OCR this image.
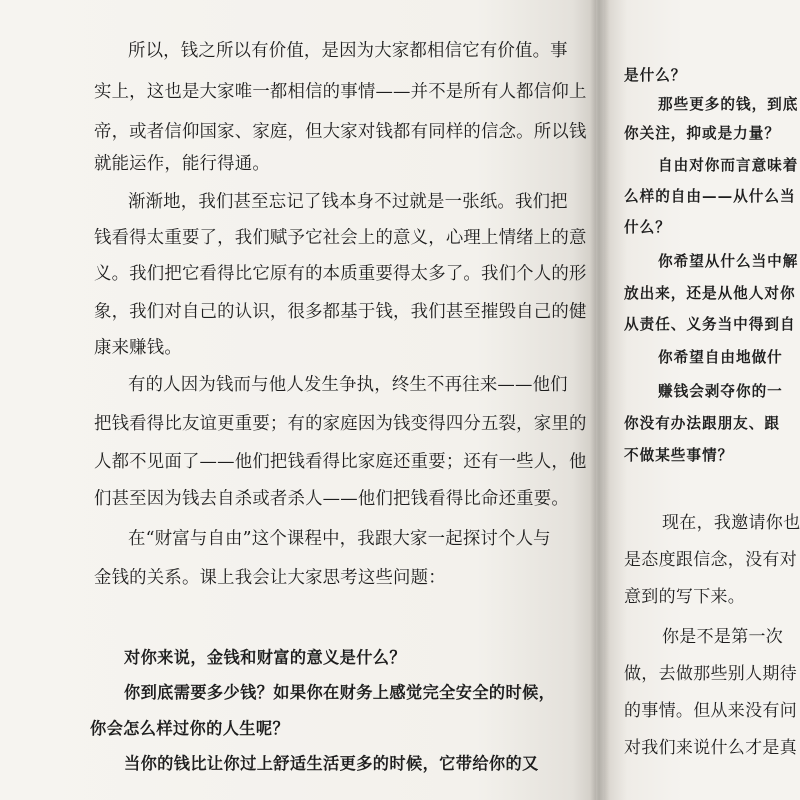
所以，钱之所以有价值，是因为大家都相信它有价值。事
实上，这也是大家唯一都相信的事情——并不是所有人都信仰上
帝，或者信仰国家、家庭，但大家对钱都有同样的信念。所以钱
就能运作，能行得通。
渐渐地，我们甚至忘记了钱本身不过就是一张纸。我们把
钱看得太重要了，我们赋予它社会上的意义，心理上情绪上的意
义。我们把它看得比它原有的本质重要得太多了。我们个人的形
象，我们对自己的认识，很多都基于钱，我们甚至摧毁自己的健
康来赚钱。
有的人因为钱而与他人发生争执，终生不再往来——他们
把钱看得比友谊更重要；有的家庭因为钱变得四分五裂，家里的
人都不见面了——他们把钱看得比家庭还重要；还有一些人，他
们甚至因为钱去自杀或者杀人——他们把钱看得比命还重要。
在“财富与自由”这个课程中，我跟大家一起探讨个人与
金钱的关系。课上我会让大家思考这些问题：
对你来说，金钱和财富的意义是什么？
你到底需要多少钱？如果你在财务上感觉完全安全的时候，
你会怎么样过你的人生呢？
当你的钱比让你过上舒适生活更多的时候，它带给你的又
是什么？
那些更多的钱，到底
你关注，抑或是力量？
自由对你而言意味着
么样的自由——从什么当
什么？
你希望从什么当中解
放出来，还是从他人对你
从责任、义务当中得到自
你希望自由地做什
赚钱会剥夺你的一
你没有办法跟朋友、跟
不做某些事情？
现在，我邀请你也
是态度跟信念，没有对
意到的写下来。
你是不是第一次
做，去做那些别人期待
的事情。但从来没有问
对我们来说什么才是真
